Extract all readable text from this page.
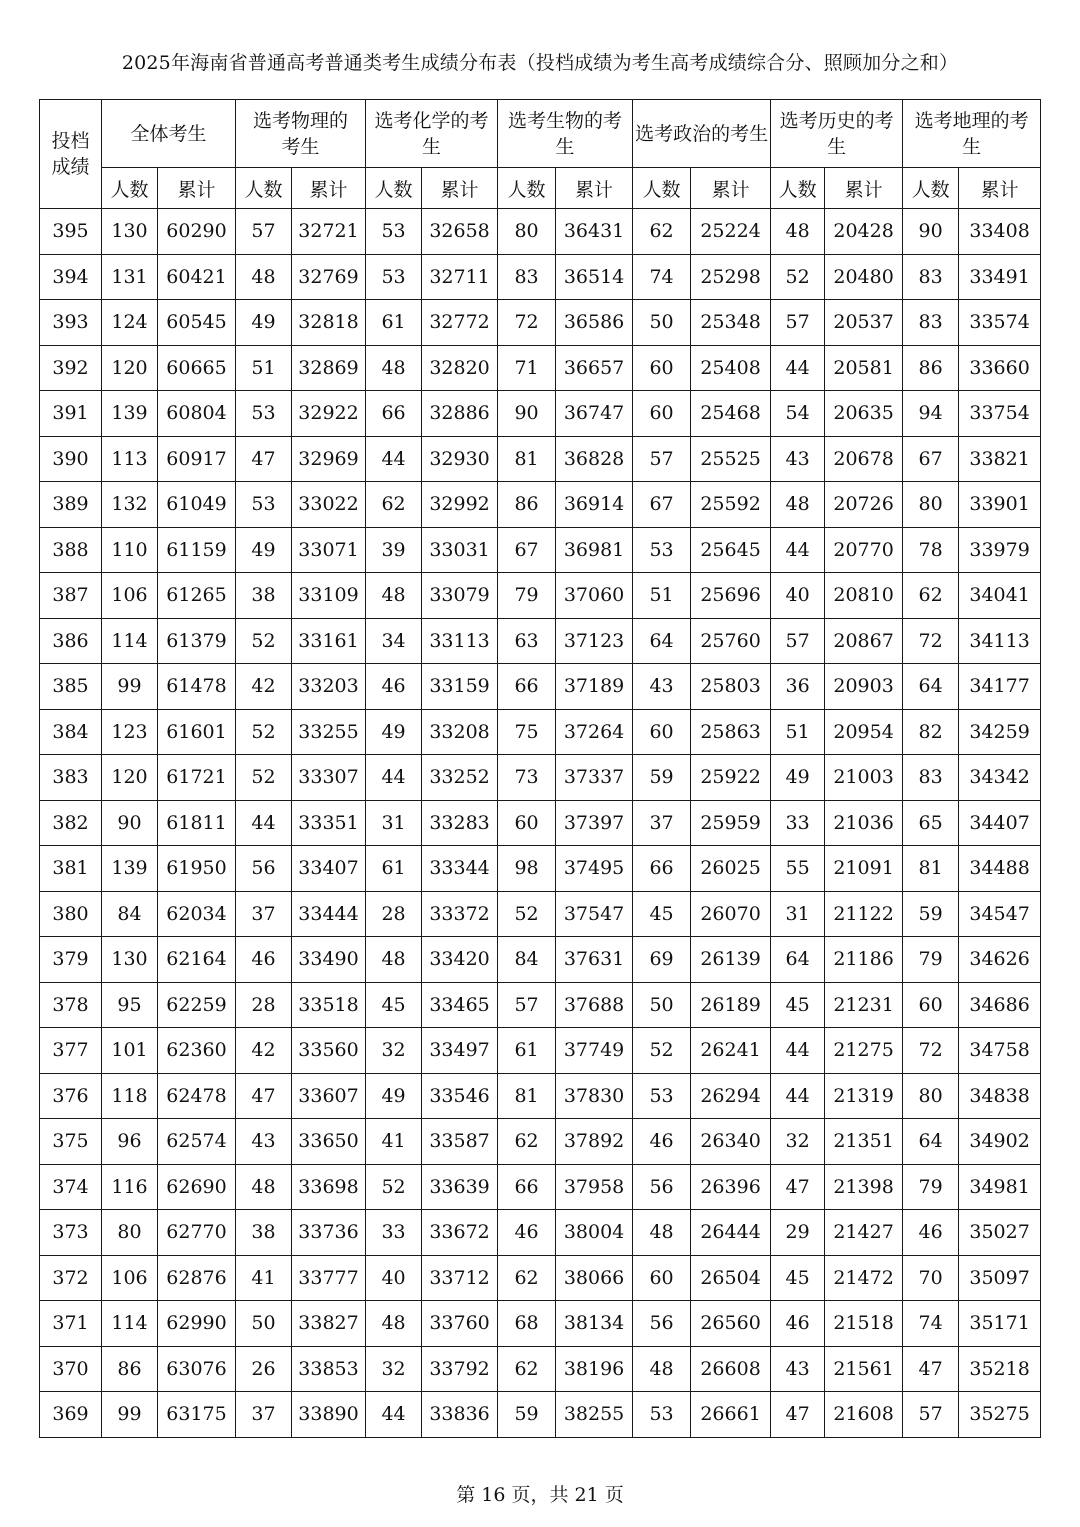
2025年海南省普通高考普通类考生成绩分布表（投档成绩为考生高考成绩综合分、照顾加分之和）
投档成绩	全体考生		选考物理的考生		选考化学的考生		选考生物的考生		选考政治的考生		选考历史的考生		选考地理的考生	

	人数	累计	人数	累计	人数	累计	人数	累计	人数	累计	人数	累计	人数	累计
395	130	60290	57	32721	53	32658	80	36431	62	25224	48	20428	90	33408
394	131	60421	48	32769	53	32711	83	36514	74	25298	52	20480	83	33491
393	124	60545	49	32818	61	32772	72	36586	50	25348	57	20537	83	33574
392	120	60665	51	32869	48	32820	71	36657	60	25408	44	20581	86	33660
391	139	60804	53	32922	66	32886	90	36747	60	25468	54	20635	94	33754
390	113	60917	47	32969	44	32930	81	36828	57	25525	43	20678	67	33821
389	132	61049	53	33022	62	32992	86	36914	67	25592	48	20726	80	33901
388	110	61159	49	33071	39	33031	67	36981	53	25645	44	20770	78	33979
387	106	61265	38	33109	48	33079	79	37060	51	25696	40	20810	62	34041
386	114	61379	52	33161	34	33113	63	37123	64	25760	57	20867	72	34113
385	99	61478	42	33203	46	33159	66	37189	43	25803	36	20903	64	34177
384	123	61601	52	33255	49	33208	75	37264	60	25863	51	20954	82	34259
383	120	61721	52	33307	44	33252	73	37337	59	25922	49	21003	83	34342
382	90	61811	44	33351	31	33283	60	37397	37	25959	33	21036	65	34407
381	139	61950	56	33407	61	33344	98	37495	66	26025	55	21091	81	34488
380	84	62034	37	33444	28	33372	52	37547	45	26070	31	21122	59	34547
379	130	62164	46	33490	48	33420	84	37631	69	26139	64	21186	79	34626
378	95	62259	28	33518	45	33465	57	37688	50	26189	45	21231	60	34686
377	101	62360	42	33560	32	33497	61	37749	52	26241	44	21275	72	34758
376	118	62478	47	33607	49	33546	81	37830	53	26294	44	21319	80	34838
375	96	62574	43	33650	41	33587	62	37892	46	26340	32	21351	64	34902
374	116	62690	48	33698	52	33639	66	37958	56	26396	47	21398	79	34981
373	80	62770	38	33736	33	33672	46	38004	48	26444	29	21427	46	35027
372	106	62876	41	33777	40	33712	62	38066	60	26504	45	21472	70	35097
371	114	62990	50	33827	48	33760	68	38134	56	26560	46	21518	74	35171
370	86	63076	26	33853	32	33792	62	38196	48	26608	43	21561	47	35218
369	99	63175	37	33890	44	33836	59	38255	53	26661	47	21608	57	35275
第 16 页，共 21 页
